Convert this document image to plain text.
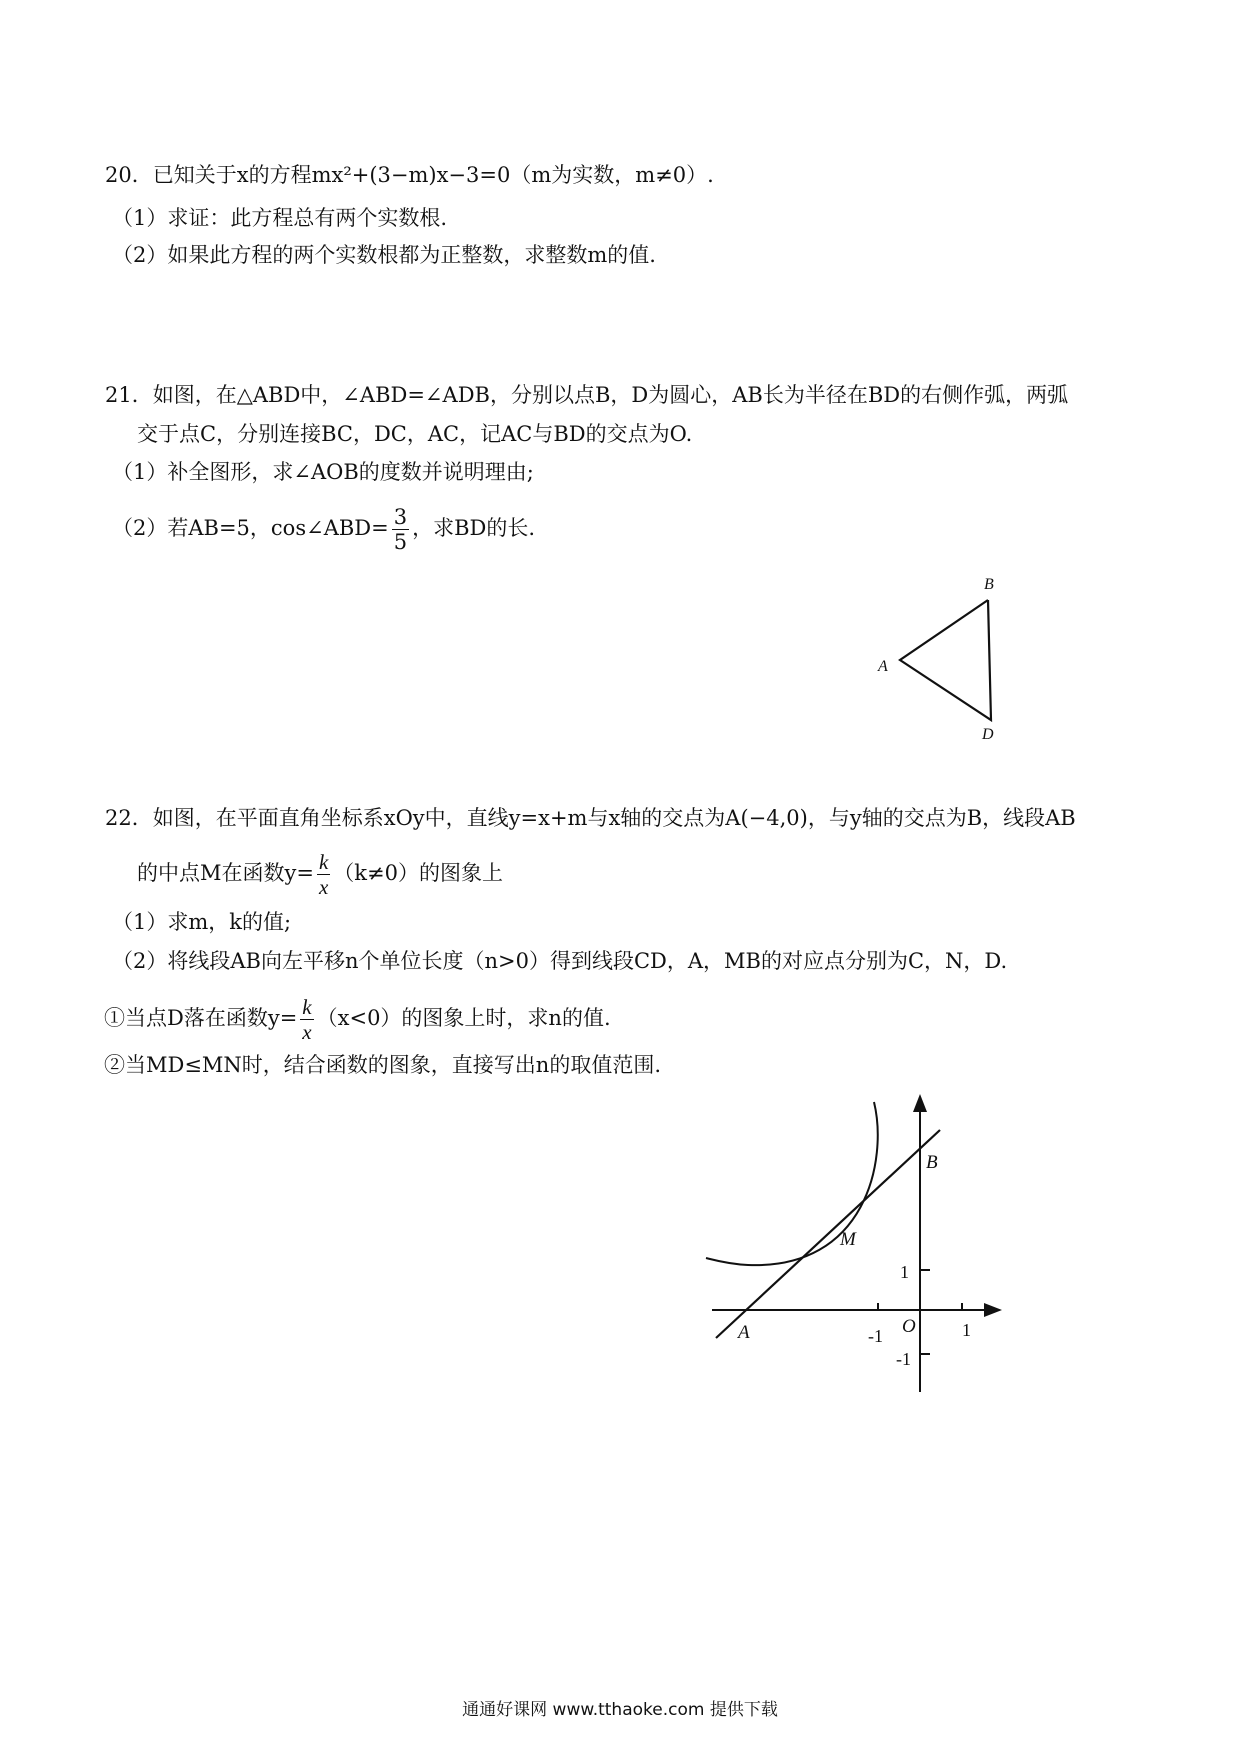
20．已知关于x的方程mx²+(3−m)x−3=0（m为实数，m≠0）.
（1）求证：此方程总有两个实数根.
（2）如果此方程的两个实数根都为正整数，求整数m的值.
21．如图，在△ABD中，∠ABD=∠ADB，分别以点B，D为圆心，AB长为半径在BD的右侧作弧，两弧
交于点C，分别连接BC，DC，AC，记AC与BD的交点为O.
（1）补全图形，求∠AOB的度数并说明理由;
（2）若AB=5，cos∠ABD= $\frac{3}{5}$ ，求BD的长.
B
A
D
22．如图，在平面直角坐标系xOy中，直线y=x+m与x轴的交点为A(−4,0)，与y轴的交点为B，线段AB
的中点M在函数$y= \frac{k}{x} (k\ne 0)$的图象上
（1）求m，k的值;
（2）将线段AB向左平移n个单位长度（n>0）得到线段CD，A，MB的对应点分别为C，N，D.
①当点D落在函数$y= \frac{k}{x} (x<0)$的图象上时，求n的值.
②当MD≤MN时，结合函数的图象，直接写出n的取值范围.
B
M
A	O
1
-1	1
-1
通通好课网 www.tthaoke.com 提供下载
